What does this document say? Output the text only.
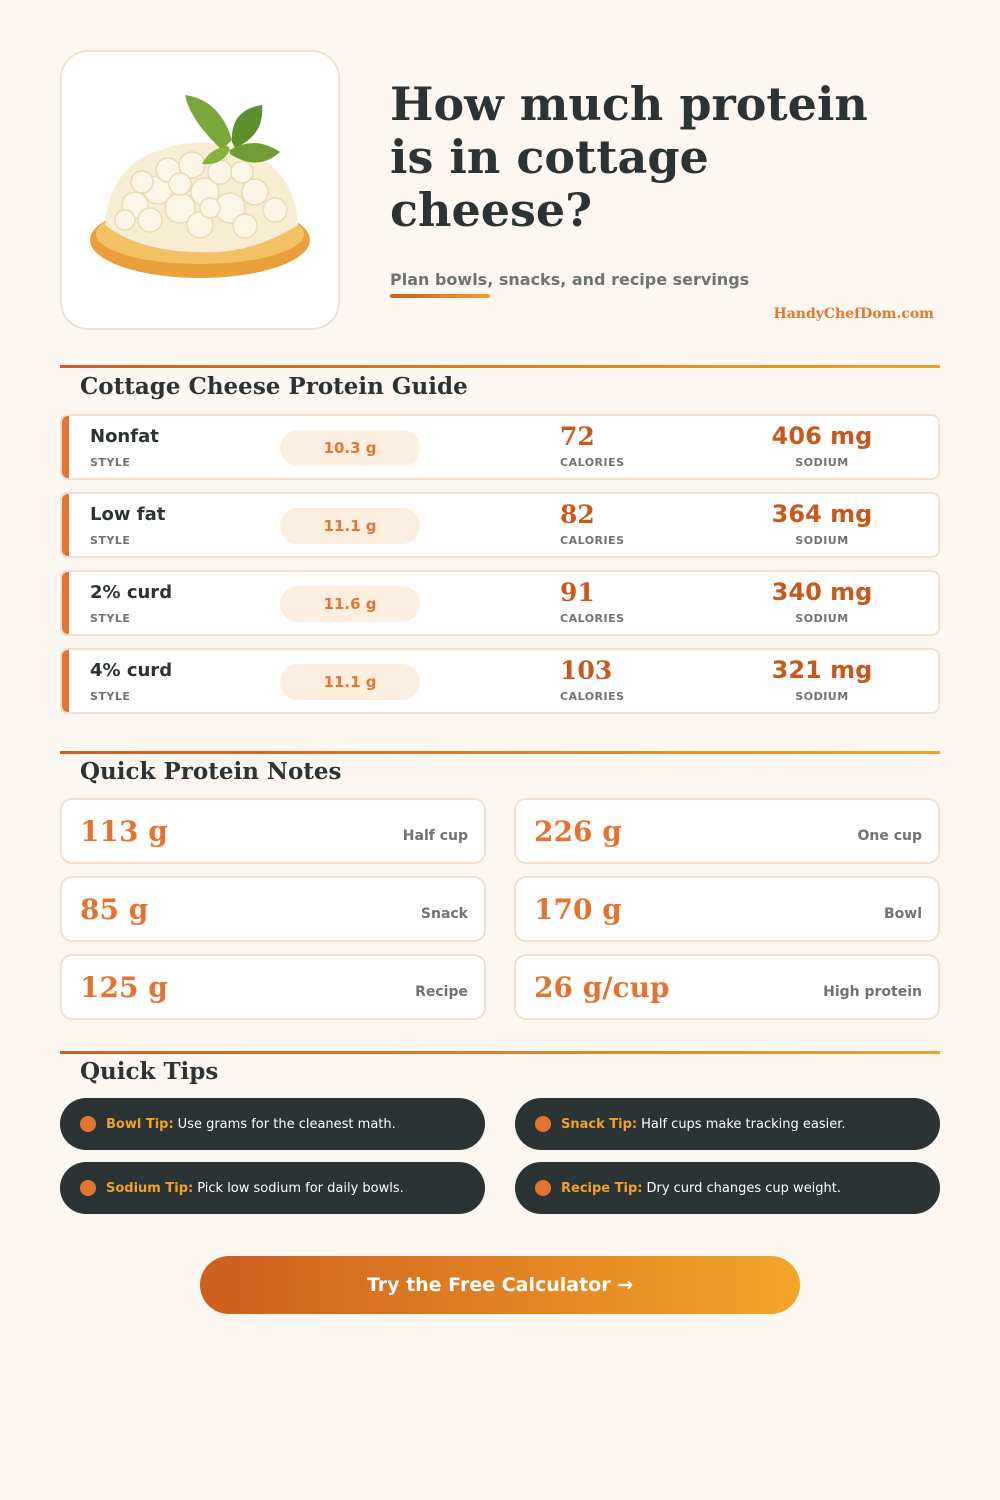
How much protein is in cottage cheese?
Plan bowls, snacks, and recipe servings
HandyChefDom.com
Cottage Cheese Protein Guide
Nonfat
STYLE
10.3 g	72
CALORIES
406 mg
SODIUM
Low fat
STYLE
11.1 g	82
CALORIES
364 mg
SODIUM
2% curd
STYLE
11.6 g	91
CALORIES
340 mg
SODIUM
4% curd
STYLE
11.1 g	103
CALORIES
321 mg
SODIUM
Quick Protein Notes
113 g	Half cup 226 g	One cup
85 g	Snack 170 g	Bowl
125 g	Recipe 26 g/cup	High protein
Quick Tips
Bowl Tip: Use grams for the cleanest math.	Snack Tip: Half cups make tracking easier.
Sodium Tip: Pick low sodium for daily bowls.	Recipe Tip: Dry curd changes cup weight.
Try the Free Calculator →
